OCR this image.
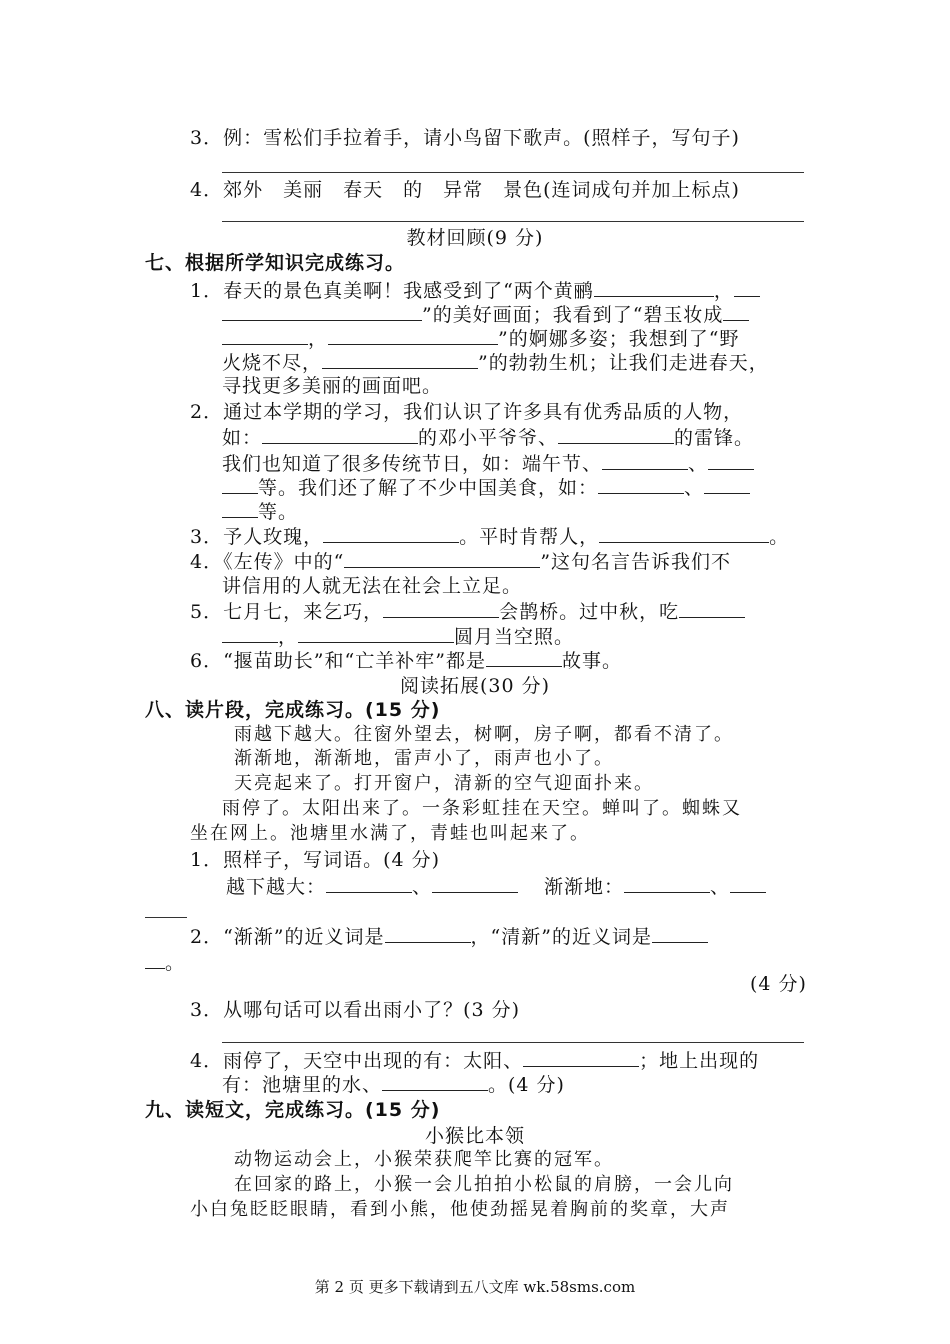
3．例：雪松们手拉着手，请小鸟留下歌声。(照样子，写句子)
4．郊外　美丽　春天　的　异常　景色(连词成句并加上标点)
教材回顾(9 分)
七、根据所学知识完成练习。
1．春天的景色真美啊！我感受到了“两个黄鹂	，
”的美好画面；我看到了“碧玉妆成
，	”的婀娜多姿；我想到了“野
火烧不尽，	”的勃勃生机；让我们走进春天，
寻找更多美丽的画面吧。
2．通过本学期的学习，我们认识了许多具有优秀品质的人物，
如：	的邓小平爷爷、	的雷锋。
我们也知道了很多传统节日，如：端午节、	、
等。我们还了解了不少中国美食，如：	、
等。
3．予人玫瑰，	。平时肯帮人，	。
4．《左传》中的“	”这句名言告诉我们不
讲信用的人就无法在社会上立足。
5．七月七，来乞巧，	会鹊桥。过中秋，吃
，	圆月当空照。
6．“揠苗助长”和“亡羊补牢”都是	故事。
阅读拓展(30 分)
八、读片段，完成练习。(15 分)
雨越下越大。往窗外望去，树啊，房子啊，都看不清了。
渐渐地，渐渐地，雷声小了，雨声也小了。
天亮起来了。打开窗户，清新的空气迎面扑来。
雨停了。太阳出来了。一条彩虹挂在天空。蝉叫了。蜘蛛又
坐在网上。池塘里水满了，青蛙也叫起来了。
1．照样子，写词语。(4 分)
越下越大：	、	渐渐地：	、
2．“渐渐”的近义词是	，“清新”的近义词是
。
(4 分)
3．从哪句话可以看出雨小了？(3 分)
4．雨停了，天空中出现的有：太阳、	；地上出现的
有：池塘里的水、	。(4 分)
九、读短文，完成练习。(15 分)
小猴比本领
动物运动会上，小猴荣获爬竿比赛的冠军。
在回家的路上，小猴一会儿拍拍小松鼠的肩膀，一会儿向
小白兔眨眨眼睛，看到小熊，他使劲摇晃着胸前的奖章，大声
第 2 页 更多下载请到五八文库 wk.58sms.com
